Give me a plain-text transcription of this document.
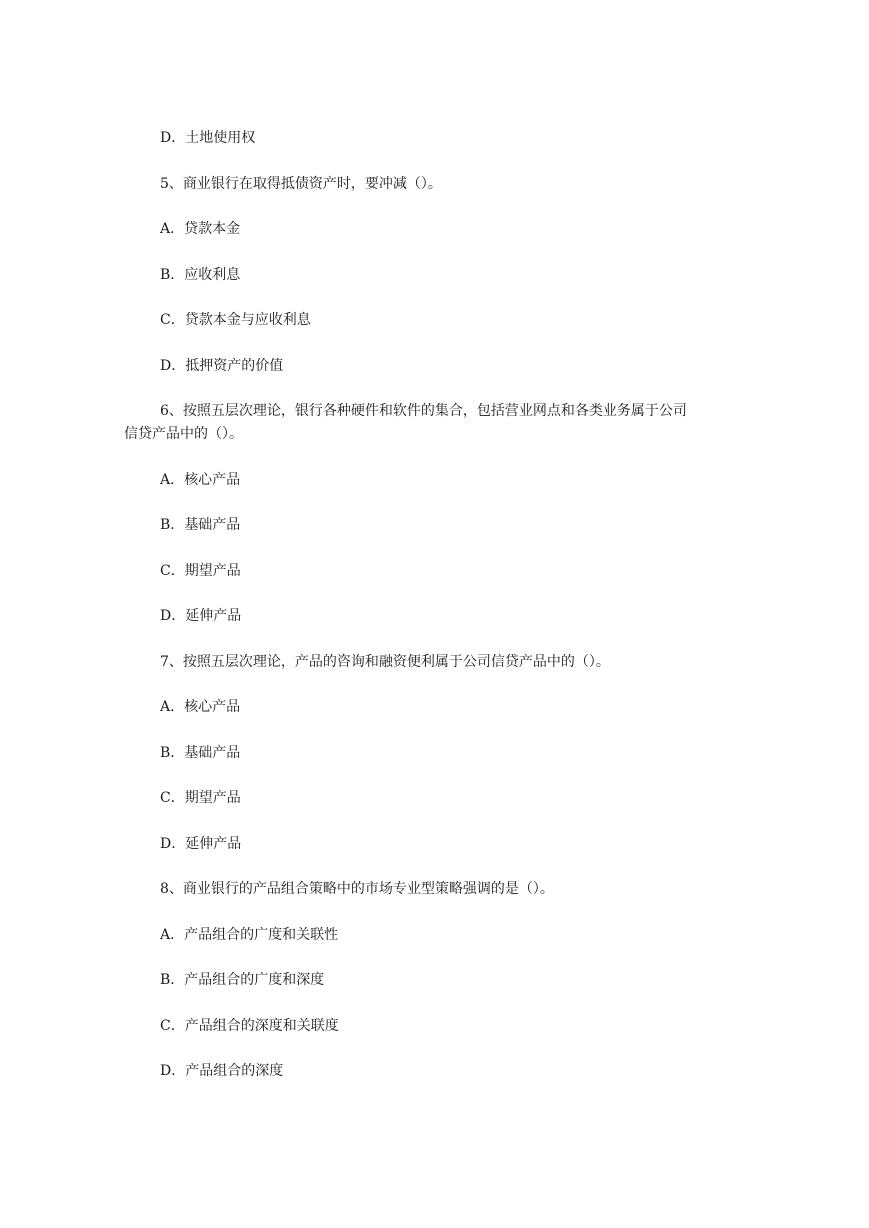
D．土地使用权

5、商业银行在取得抵债资产时，要冲减（）。

A．贷款本金

B．应收利息

C．贷款本金与应收利息

D．抵押资产的价值

6、按照五层次理论，银行各种硬件和软件的集合，包括营业网点和各类业务属于公司
信贷产品中的（）。

A．核心产品

B．基础产品

C．期望产品

D．延伸产品

7、按照五层次理论，产品的咨询和融资便利属于公司信贷产品中的（）。

A．核心产品

B．基础产品

C．期望产品

D．延伸产品

8、商业银行的产品组合策略中的市场专业型策略强调的是（）。

A．产品组合的广度和关联性

B．产品组合的广度和深度

C．产品组合的深度和关联度

D．产品组合的深度
